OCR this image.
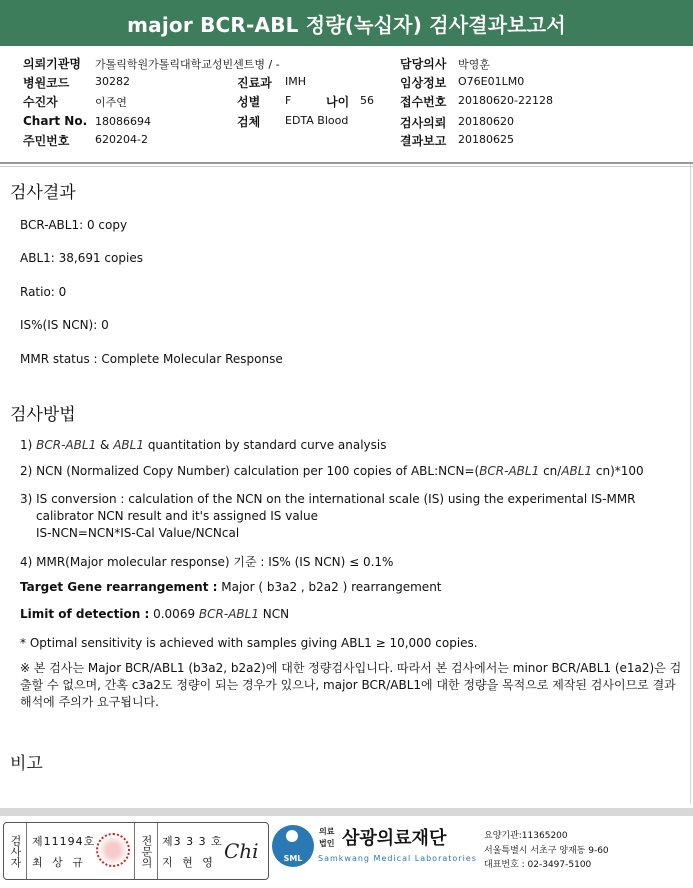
major BCR-ABL 정량(녹십자) 검사결과보고서
의뢰기관명 가톨릭학원가톨릭대학교성빈센트병 / -	담당의사 박영훈
병원코드 30282	진료과 IMH	임상정보 O76E01LM0
수진자	이주연	성별 F	나이 56 접수번호 20180620-22128
Chart No. 18086694	검체 EDTA Blood	검사의뢰 20180620
주민번호 620204-2	결과보고 20180625
검사결과
BCR-ABL1: 0 copy
ABL1: 38,691 copies
Ratio: 0
IS%(IS NCN): 0
MMR status : Complete Molecular Response
검사방법
1) BCR-ABL1 & ABL1 quantitation by standard curve analysis
2) NCN (Normalized Copy Number) calculation per 100 copies of ABL:NCN=(BCR-ABL1 cn/ABL1 cn)*100
3) IS conversion : calculation of the NCN on the international scale (IS) using the experimental IS-MMR
calibrator NCN result and it's assigned IS value
IS-NCN=NCN*IS-Cal Value/NCNcal
4) MMR(Major molecular response) 기준 : IS% (IS NCN) ≤ 0.1%
Target Gene rearrangement : Major ( b3a2 , b2a2 ) rearrangement
Limit of detection : 0.0069 BCR-ABL1 NCN
* Optimal sensitivity is achieved with samples giving ABL1 ≥ 10,000 copies.
※ 본 검사는 Major BCR/ABL1 (b3a2, b2a2)에 대한 정량검사입니다. 따라서 본 검사에서는 minor BCR/ABL1 (e1a2)은 검출할 수 없으며, 간혹 c3a2도 정량이 되는 경우가 있으나, major BCR/ABL1에 대한 정량을 목적으로 제작된 검사이므로 결과해석에 주의가 요구됩니다.
비고
검사자 제11194호
최 상 규	전문의 제3 3 3 호
지 현 영 Chi	SML
의료
법인 삼광의료재단
Samkwang Medical Laboratories
요양기관:11365200
서울특별시 서초구 양재동 9-60
대표번호 : 02-3497-5100
